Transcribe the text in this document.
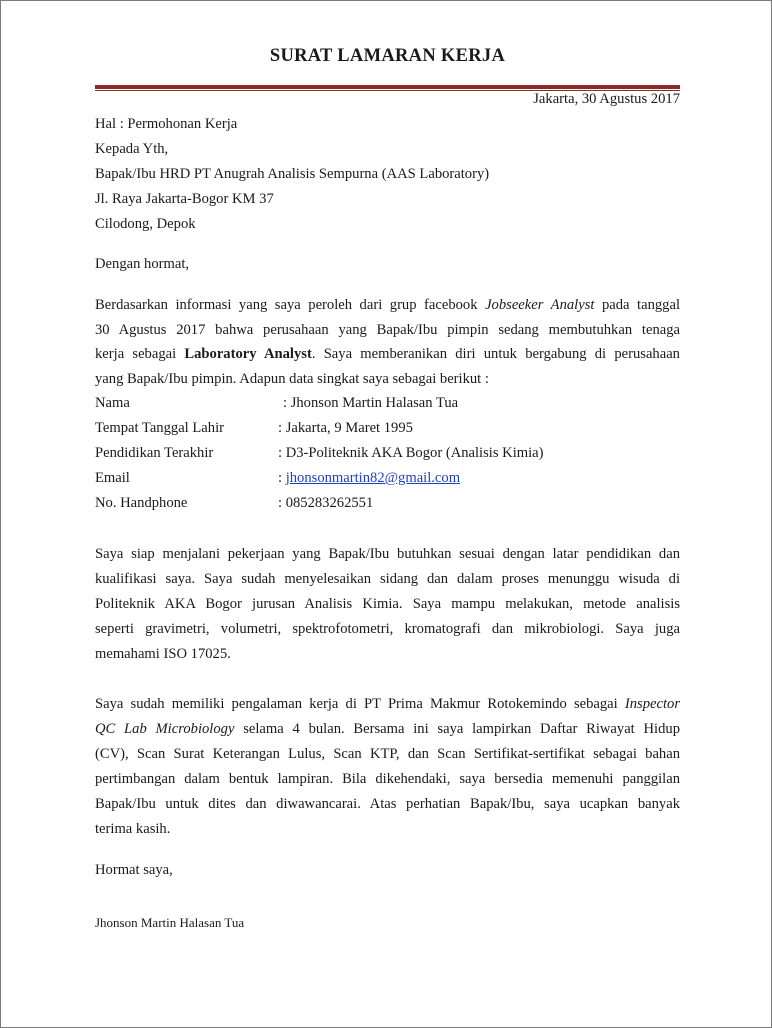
SURAT LAMARAN KERJA
Jakarta, 30 Agustus 2017
Hal : Permohonan Kerja
Kepada Yth,
Bapak/Ibu HRD PT Anugrah Analisis Sempurna (AAS Laboratory)
Jl. Raya Jakarta-Bogor KM 37
Cilodong, Depok
Dengan hormat,
Berdasarkan informasi yang saya peroleh dari grup facebook Jobseeker Analyst pada tanggal
30 Agustus 2017 bahwa perusahaan yang Bapak/Ibu pimpin sedang membutuhkan tenaga
kerja sebagai Laboratory Analyst. Saya memberanikan diri untuk bergabung di perusahaan
yang Bapak/Ibu pimpin. Adapun data singkat saya sebagai berikut :
Nama	: Jhonson Martin Halasan Tua
Tempat Tanggal Lahir	: Jakarta, 9 Maret 1995
Pendidikan Terakhir	: D3-Politeknik AKA Bogor (Analisis Kimia)
Email	: jhonsonmartin82@gmail.com
No. Handphone	: 085283262551
Saya siap menjalani pekerjaan yang Bapak/Ibu butuhkan sesuai dengan latar pendidikan dan
kualifikasi saya. Saya sudah menyelesaikan sidang dan dalam proses menunggu wisuda di
Politeknik AKA Bogor jurusan Analisis Kimia. Saya mampu melakukan, metode analisis
seperti gravimetri, volumetri, spektrofotometri, kromatografi dan mikrobiologi. Saya juga
memahami ISO 17025.
Saya sudah memiliki pengalaman kerja di PT Prima Makmur Rotokemindo sebagai Inspector
QC Lab Microbiology selama 4 bulan. Bersama ini saya lampirkan Daftar Riwayat Hidup
(CV), Scan Surat Keterangan Lulus, Scan KTP, dan Scan Sertifikat-sertifikat sebagai bahan
pertimbangan dalam bentuk lampiran. Bila dikehendaki, saya bersedia memenuhi panggilan
Bapak/Ibu untuk dites dan diwawancarai. Atas perhatian Bapak/Ibu, saya ucapkan banyak
terima kasih.
Hormat saya,
Jhonson Martin Halasan Tua
